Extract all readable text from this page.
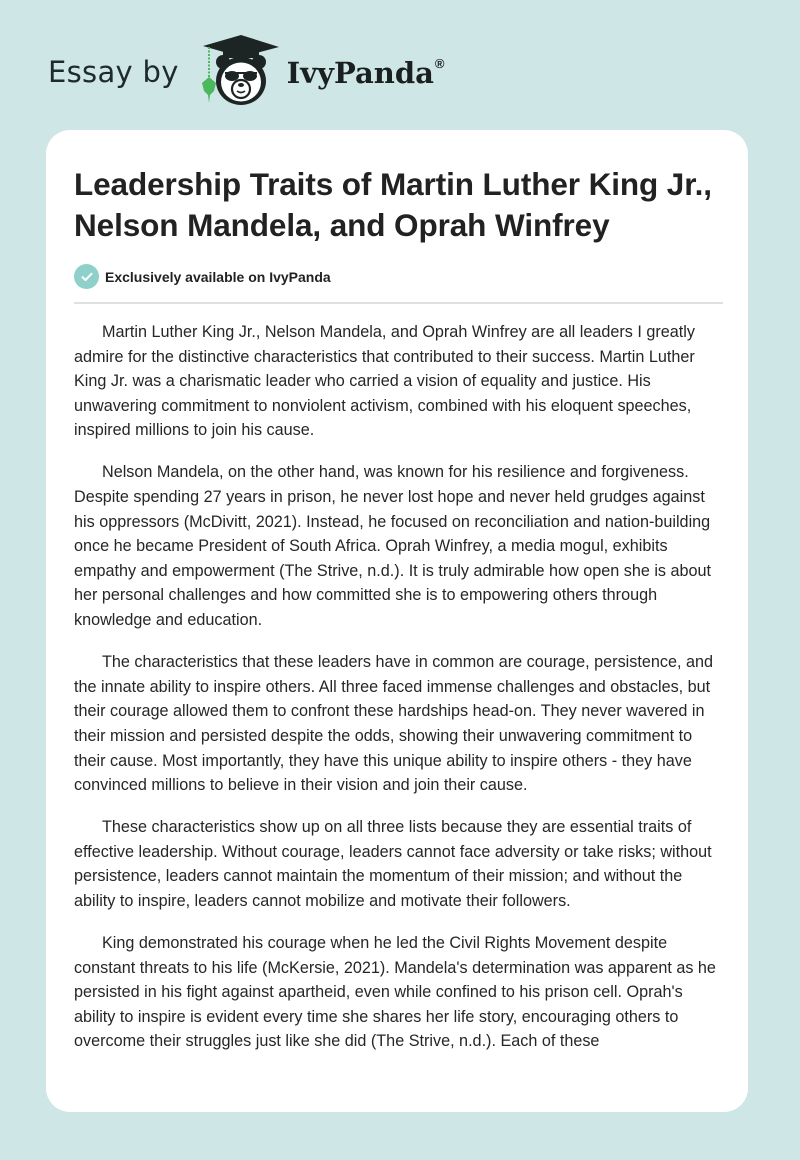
Essay by	IvyPanda®
Leadership Traits of Martin Luther King Jr., Nelson Mandela, and Oprah Winfrey
Exclusively available on IvyPanda

Martin Luther King Jr., Nelson Mandela, and Oprah Winfrey are all leaders I greatly admire for the distinctive characteristics that contributed to their success. Martin Luther King Jr. was a charismatic leader who carried a vision of equality and justice. His unwavering commitment to nonviolent activism, combined with his eloquent speeches, inspired millions to join his cause.

Nelson Mandela, on the other hand, was known for his resilience and forgiveness. Despite spending 27 years in prison, he never lost hope and never held grudges against his oppressors (McDivitt, 2021). Instead, he focused on reconciliation and nation-building once he became President of South Africa. Oprah Winfrey, a media mogul, exhibits empathy and empowerment (The Strive, n.d.). It is truly admirable how open she is about her personal challenges and how committed she is to empowering others through knowledge and education.

The characteristics that these leaders have in common are courage, persistence, and the innate ability to inspire others. All three faced immense challenges and obstacles, but their courage allowed them to confront these hardships head-on. They never wavered in their mission and persisted despite the odds, showing their unwavering commitment to their cause. Most importantly, they have this unique ability to inspire others - they have convinced millions to believe in their vision and join their cause.

These characteristics show up on all three lists because they are essential traits of effective leadership. Without courage, leaders cannot face adversity or take risks; without persistence, leaders cannot maintain the momentum of their mission; and without the ability to inspire, leaders cannot mobilize and motivate their followers.

King demonstrated his courage when he led the Civil Rights Movement despite constant threats to his life (McKersie, 2021). Mandela's determination was apparent as he persisted in his fight against apartheid, even while confined to his prison cell. Oprah's ability to inspire is evident every time she shares her life story, encouraging others to overcome their struggles just like she did (The Strive, n.d.). Each of these
